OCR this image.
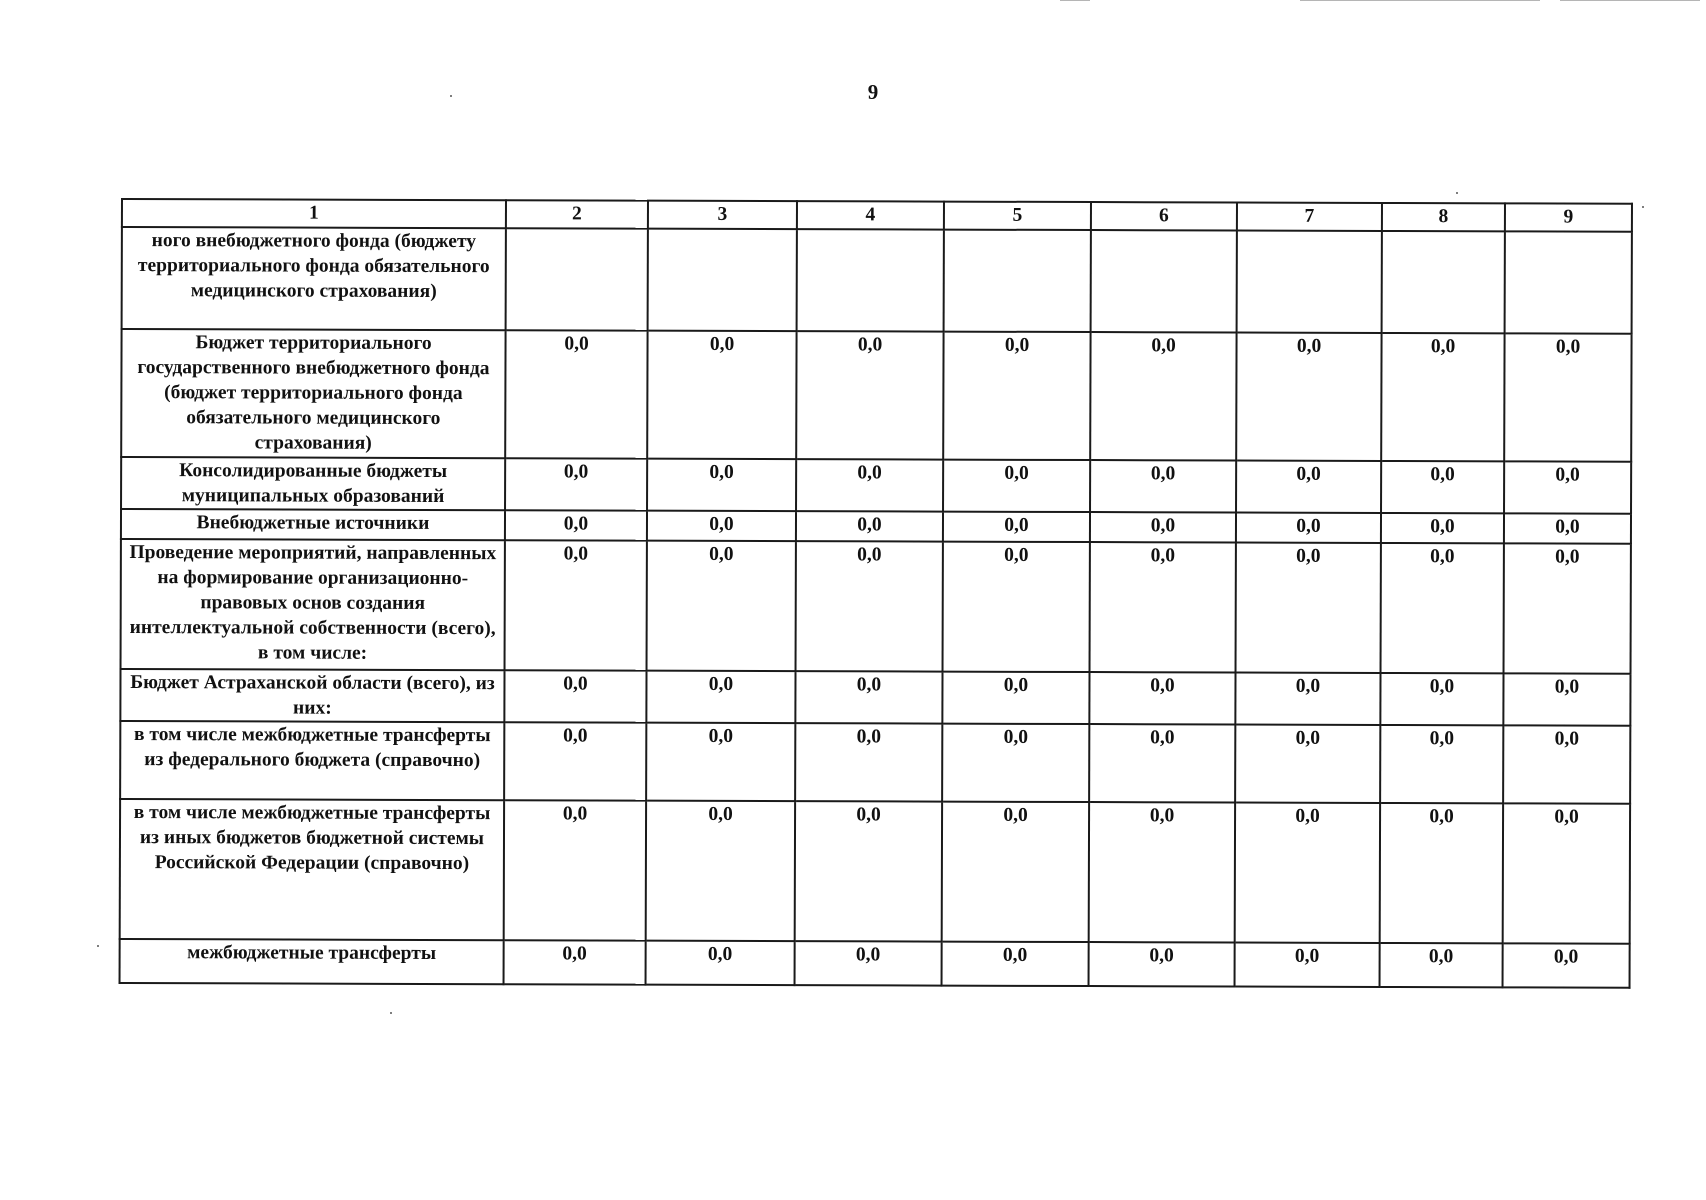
9
1	2	3	4	5	6	7	8	9
ного внебюджетного фонда (бюджету территориального фонда обязательного медицинского страхования)								
Бюджет территориального государственного внебюджетного фонда (бюджет территориального фонда обязательного медицинского страхования)	0,0	0,0	0,0	0,0	0,0	0,0	0,0	0,0
Консолидированные бюджеты муниципальных образований	0,0	0,0	0,0	0,0	0,0	0,0	0,0	0,0
Внебюджетные источники	0,0	0,0	0,0	0,0	0,0	0,0	0,0	0,0
Проведение мероприятий, направленных на формирование организационно-правовых основ создания интеллектуальной собственности (всего), в том числе:	0,0	0,0	0,0	0,0	0,0	0,0	0,0	0,0
Бюджет Астраханской области (всего), из них:	0,0	0,0	0,0	0,0	0,0	0,0	0,0	0,0
в том числе межбюджетные трансферты из федерального бюджета (справочно)	0,0	0,0	0,0	0,0	0,0	0,0	0,0	0,0
в том числе межбюджетные трансферты из иных бюджетов бюджетной системы Российской Федерации (справочно)	0,0	0,0	0,0	0,0	0,0	0,0	0,0	0,0
межбюджетные трансферты	0,0	0,0	0,0	0,0	0,0	0,0	0,0	0,0
